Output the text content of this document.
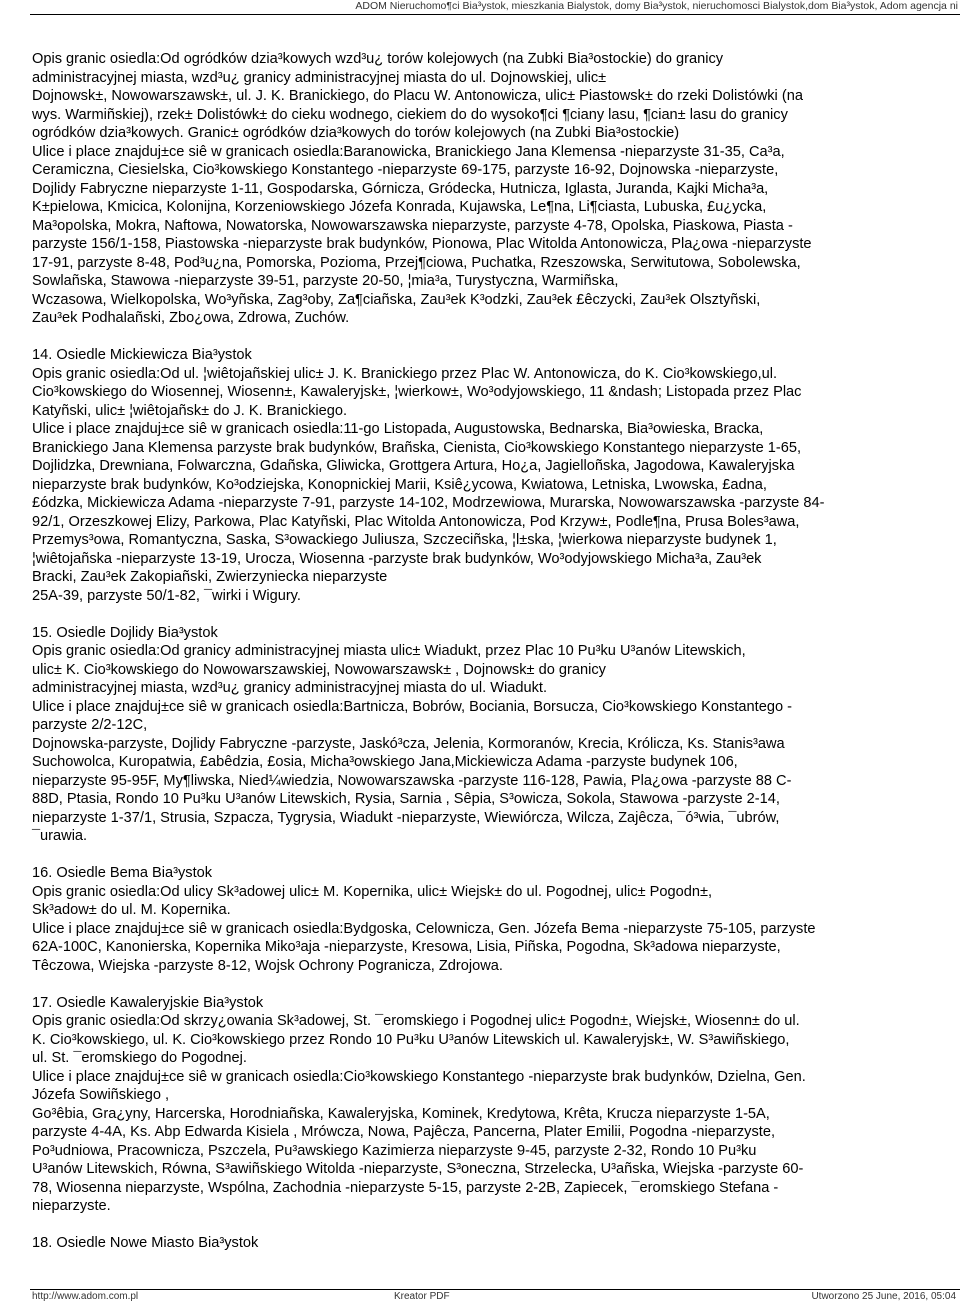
ADOM Nieruchomo¶ci Bia³ystok, mieszkania Bialystok, domy Bia³ystok, nieruchomosci Bialystok,dom Bia³ystok, Adom agencja ni

Opis granic osiedla:Od ogródków dzia³kowych wzd³u¿ torów kolejowych (na Zubki Bia³ostockie) do granicy

administracyjnej miasta, wzd³u¿ granicy administracyjnej miasta do ul. Dojnowskiej, ulic±

Dojnowsk±, Nowowarszawsk±, ul. J. K. Branickiego, do Placu W. Antonowicza, ulic± Piastowsk± do rzeki Dolistówki (na

wys. Warmiñskiej), rzek± Dolistówk± do cieku wodnego, ciekiem do do wysoko¶ci ¶ciany lasu, ¶cian± lasu do granicy

ogródków dzia³kowych. Granic± ogródków dzia³kowych do torów kolejowych (na Zubki Bia³ostockie)

Ulice i place znajduj±ce siê w granicach osiedla:Baranowicka, Branickiego Jana Klemensa -nieparzyste 31-35, Ca³a,

Ceramiczna, Ciesielska, Cio³kowskiego Konstantego -nieparzyste 69-175, parzyste 16-92, Dojnowska -nieparzyste,

Dojlidy Fabryczne nieparzyste 1-11, Gospodarska, Górnicza, Gródecka, Hutnicza, Iglasta, Juranda, Kajki Micha³a,

K±pielowa, Kmicica, Kolonijna, Korzeniowskiego Józefa Konrada, Kujawska, Le¶na, Li¶ciasta, Lubuska, £u¿ycka,

Ma³opolska, Mokra, Naftowa, Nowatorska, Nowowarszawska nieparzyste, parzyste 4-78, Opolska, Piaskowa, Piasta -

parzyste 156/1-158, Piastowska -nieparzyste brak budynków, Pionowa, Plac Witolda Antonowicza, Pla¿owa -nieparzyste

17-91, parzyste 8-48, Pod³u¿na, Pomorska, Pozioma, Przej¶ciowa, Puchatka, Rzeszowska, Serwitutowa, Sobolewska,

Sowlañska, Stawowa -nieparzyste 39-51, parzyste 20-50, ¦mia³a, Turystyczna, Warmiñska,

Wczasowa, Wielkopolska, Wo³yñska, Zag³oby, Za¶ciañska, Zau³ek K³odzki, Zau³ek £êczycki, Zau³ek Olsztyñski,

Zau³ek Podhalañski, Zbo¿owa, Zdrowa, Zuchów.

14. Osiedle Mickiewicza Bia³ystok

Opis granic osiedla:Od ul. ¦wiêtojañskiej ulic± J. K. Branickiego przez Plac W. Antonowicza, do K. Cio³kowskiego,ul.

Cio³kowskiego do Wiosennej, Wiosenn±, Kawaleryjsk±, ¦wierkow±, Wo³odyjowskiego, 11 &ndash; Listopada przez Plac

Katyñski, ulic± ¦wiêtojañsk± do J. K. Branickiego.

Ulice i place znajduj±ce siê w granicach osiedla:11-go Listopada, Augustowska, Bednarska, Bia³owieska, Bracka,

Branickiego Jana Klemensa parzyste brak budynków, Brañska, Cienista, Cio³kowskiego Konstantego nieparzyste 1-65,

Dojlidzka, Drewniana, Folwarczna, Gdañska, Gliwicka, Grottgera Artura, Ho¿a, Jagielloñska, Jagodowa, Kawaleryjska

nieparzyste brak budynków, Ko³odziejska, Konopnickiej Marii, Ksiê¿ycowa, Kwiatowa, Letniska, Lwowska, £adna,

£ódzka, Mickiewicza Adama -nieparzyste 7-91, parzyste 14-102, Modrzewiowa, Murarska, Nowowarszawska -parzyste 84-

92/1, Orzeszkowej Elizy, Parkowa, Plac Katyñski, Plac Witolda Antonowicza, Pod Krzyw±, Podle¶na, Prusa Boles³awa,

Przemys³owa, Romantyczna, Saska, S³owackiego Juliusza, Szczeciñska, ¦l±ska, ¦wierkowa nieparzyste budynek 1,

¦wiêtojañska -nieparzyste 13-19, Urocza, Wiosenna -parzyste brak budynków, Wo³odyjowskiego Micha³a, Zau³ek

Bracki, Zau³ek Zakopiañski, Zwierzyniecka nieparzyste

25A-39, parzyste 50/1-82, ¯wirki i Wigury.

15. Osiedle Dojlidy Bia³ystok

Opis granic osiedla:Od granicy administracyjnej miasta ulic± Wiadukt, przez Plac 10 Pu³ku U³anów Litewskich,

ulic± K. Cio³kowskiego do Nowowarszawskiej, Nowowarszawsk± , Dojnowsk± do granicy

administracyjnej miasta, wzd³u¿ granicy administracyjnej miasta do ul. Wiadukt.

Ulice i place znajduj±ce siê w granicach osiedla:Bartnicza, Bobrów, Bociania, Borsucza, Cio³kowskiego Konstantego -

parzyste 2/2-12C,

Dojnowska-parzyste, Dojlidy Fabryczne -parzyste, Jaskó³cza, Jelenia, Kormoranów, Krecia, Królicza, Ks. Stanis³awa

Suchowolca, Kuropatwia, £abêdzia, £osia, Micha³owskiego Jana,Mickiewicza Adama -parzyste budynek 106,

nieparzyste 95-95F, My¶liwska, Nied¼wiedzia, Nowowarszawska -parzyste 116-128, Pawia, Pla¿owa -parzyste 88 C-

88D, Ptasia, Rondo 10 Pu³ku U³anów Litewskich, Rysia, Sarnia , Sêpia, S³owicza, Sokola, Stawowa -parzyste 2-14,

nieparzyste 1-37/1, Strusia, Szpacza, Tygrysia, Wiadukt -nieparzyste, Wiewiórcza, Wilcza, Zajêcza, ¯ó³wia, ¯ubrów,

¯urawia.

16. Osiedle Bema Bia³ystok

Opis granic osiedla:Od ulicy Sk³adowej ulic± M. Kopernika, ulic± Wiejsk± do ul. Pogodnej, ulic± Pogodn±,

Sk³adow± do ul. M. Kopernika.

Ulice i place znajduj±ce siê w granicach osiedla:Bydgoska, Celownicza, Gen. Józefa Bema -nieparzyste 75-105, parzyste

62A-100C, Kanonierska, Kopernika Miko³aja -nieparzyste, Kresowa, Lisia, Piñska, Pogodna, Sk³adowa nieparzyste,

Têczowa, Wiejska -parzyste 8-12, Wojsk Ochrony Pogranicza, Zdrojowa.

17. Osiedle Kawaleryjskie Bia³ystok

Opis granic osiedla:Od skrzy¿owania Sk³adowej, St. ¯eromskiego i Pogodnej ulic± Pogodn±, Wiejsk±, Wiosenn± do ul.

K. Cio³kowskiego, ul. K. Cio³kowskiego przez Rondo 10 Pu³ku U³anów Litewskich ul. Kawaleryjsk±, W. S³awiñskiego,

ul. St. ¯eromskiego do Pogodnej.

Ulice i place znajduj±ce siê w granicach osiedla:Cio³kowskiego Konstantego -nieparzyste brak budynków, Dzielna, Gen.

Józefa Sowiñskiego ,

Go³êbia, Gra¿yny, Harcerska, Horodniañska, Kawaleryjska, Kominek, Kredytowa, Krêta, Krucza nieparzyste 1-5A,

parzyste 4-4A, Ks. Abp Edwarda Kisiela , Mrówcza, Nowa, Pajêcza, Pancerna, Plater Emilii, Pogodna -nieparzyste,

Po³udniowa, Pracownicza, Pszczela, Pu³awskiego Kazimierza nieparzyste 9-45, parzyste 2-32, Rondo 10 Pu³ku

U³anów Litewskich, Równa, S³awiñskiego Witolda -nieparzyste, S³oneczna, Strzelecka, U³añska, Wiejska -parzyste 60-

78, Wiosenna nieparzyste, Wspólna, Zachodnia -nieparzyste 5-15, parzyste 2-2B, Zapiecek, ¯eromskiego Stefana -

nieparzyste.

18. Osiedle Nowe Miasto Bia³ystok

http://www.adom.com.pl	Kreator PDF	Utworzono 25 June, 2016, 05:04
